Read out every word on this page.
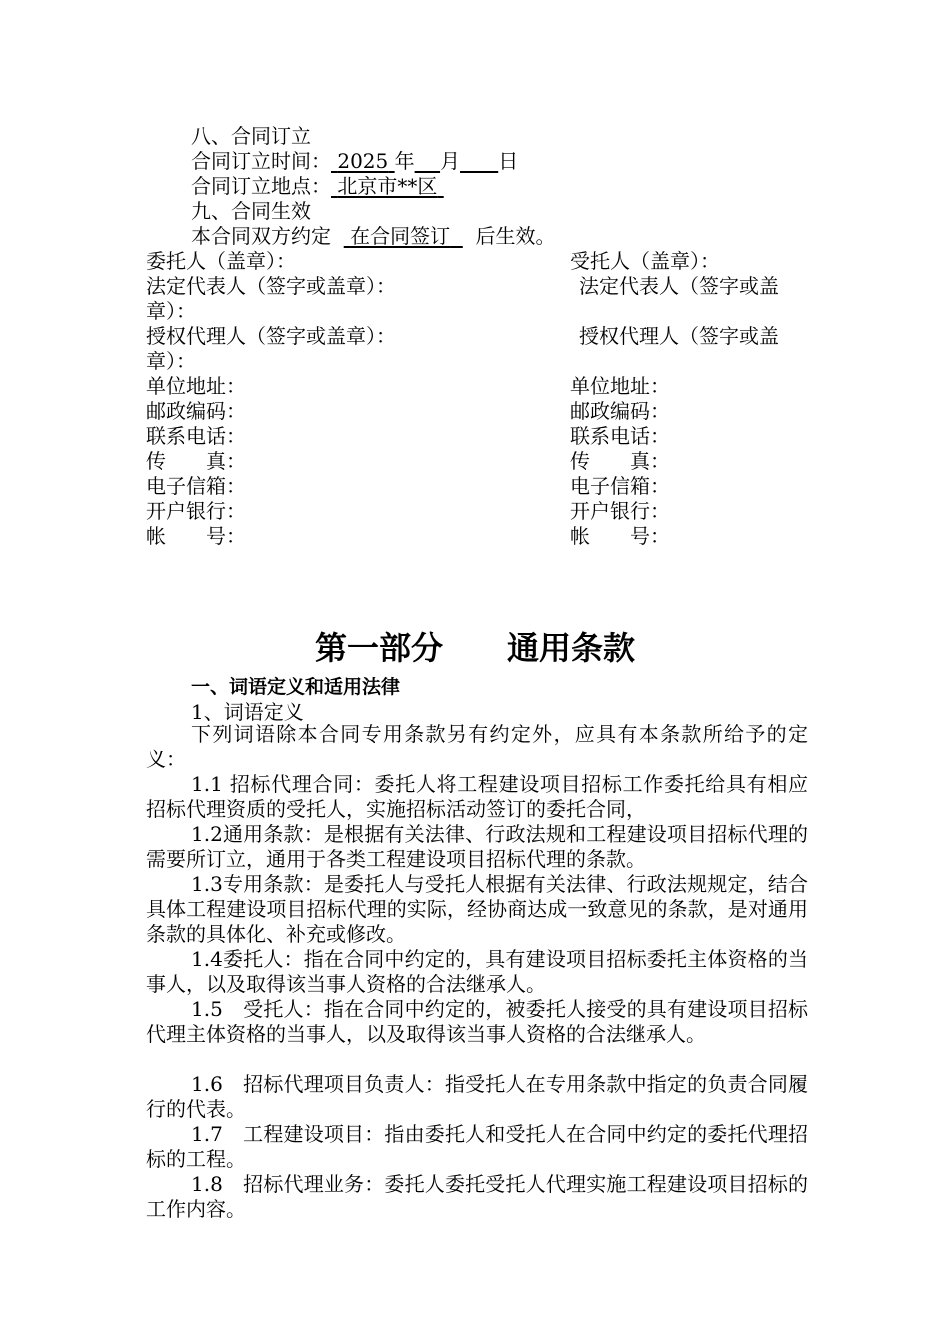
八、合同订立
合同订立时间： 2025 年 月 日
合同订立地点： 北京市**区
九、合同生效
本合同双方约定 在合同签订 后生效。
委托人（盖章）：	受托人（盖章）：
法定代表人（签字或盖章）：	法定代表人（签字或盖
章）：
授权代理人（签字或盖章）：	授权代理人（签字或盖
章）：
单位地址：	单位地址：
邮政编码：	邮政编码：
联系电话：	联系电话：
传　　真：	传　　真：
电子信箱：	电子信箱：
开户银行：	开户银行：
帐　　号：	帐　　号：
第一部分　　通用条款
一、词语定义和适用法律
1、词语定义
下列词语除本合同专用条款另有约定外，应具有本条款所给予的定义：
1.1 招标代理合同：委托人将工程建设项目招标工作委托给具有相应招标代理资质的受托人，实施招标活动签订的委托合同，
1.2通用条款：是根据有关法律、行政法规和工程建设项目招标代理的需要所订立，通用于各类工程建设项目招标代理的条款。
1.3专用条款：是委托人与受托人根据有关法律、行政法规规定，结合具体工程建设项目招标代理的实际，经协商达成一致意见的条款，是对通用条款的具体化、补充或修改。
1.4委托人：指在合同中约定的，具有建设项目招标委托主体资格的当事人，以及取得该当事人资格的合法继承人。
1.5　受托人：指在合同中约定的，被委托人接受的具有建设项目招标代理主体资格的当事人，以及取得该当事人资格的合法继承人。
1.6　招标代理项目负责人：指受托人在专用条款中指定的负责合同履行的代表。
1.7　工程建设项目：指由委托人和受托人在合同中约定的委托代理招标的工程。
1.8　招标代理业务：委托人委托受托人代理实施工程建设项目招标的工作内容。
